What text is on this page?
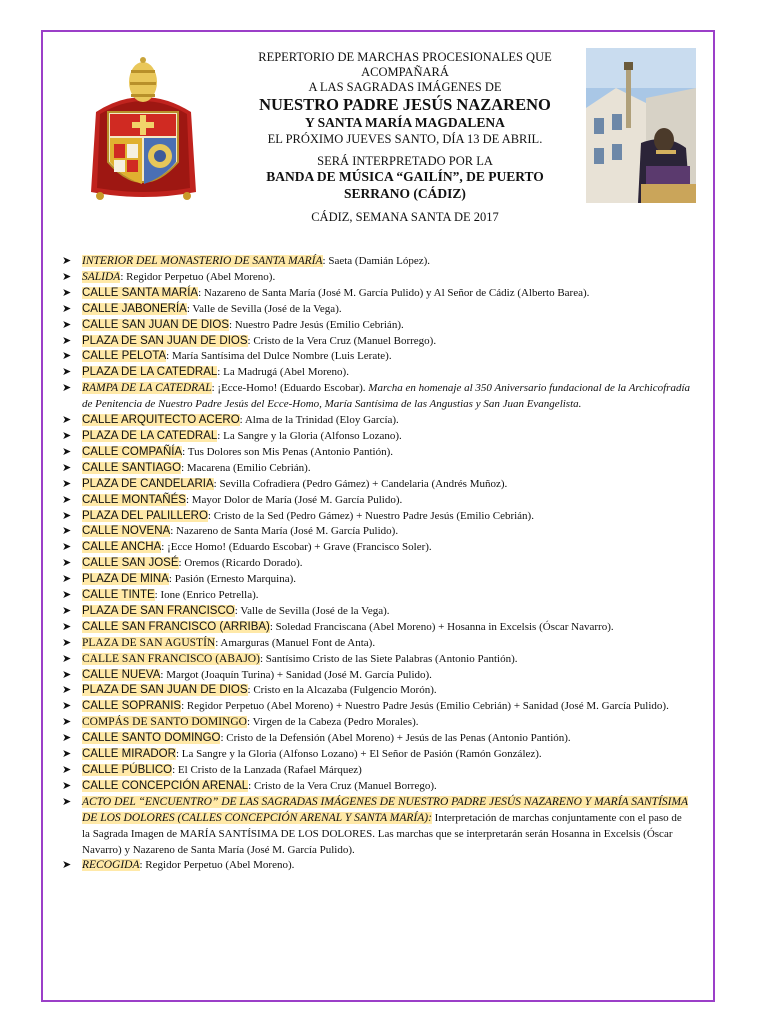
REPERTORIO DE MARCHAS PROCESIONALES QUE
ACOMPAÑARÁ
A LAS SAGRADAS IMÁGENES DE
NUESTRO PADRE JESÚS NAZARENO
Y SANTA MARÍA MAGDALENA
EL PRÓXIMO JUEVES SANTO, DÍA 13 DE ABRIL.
SERÁ INTERPRETADO POR LA
BANDA DE MÚSICA “GAILÍN”, DE PUERTO
SERRANO (CÁDIZ)
CÁDIZ, SEMANA SANTA DE 2017
➤ INTERIOR DEL MONASTERIO DE SANTA MARÍA: Saeta (Damián López).
➤ SALIDA: Regidor Perpetuo (Abel Moreno).
➤ CALLE SANTA MARÍA: Nazareno de Santa María (José M. García Pulido) y Al Señor de Cádiz (Alberto Barea).
➤ CALLE JABONERÍA: Valle de Sevilla (José de la Vega).
➤ CALLE SAN JUAN DE DIOS: Nuestro Padre Jesús (Emilio Cebrián).
➤ PLAZA DE SAN JUAN DE DIOS: Cristo de la Vera Cruz (Manuel Borrego).
➤ CALLE PELOTA: María Santísima del Dulce Nombre (Luis Lerate).
➤ PLAZA DE LA CATEDRAL: La Madrugá (Abel Moreno).
➤ RAMPA DE LA CATEDRAL: ¡Ecce-Homo! (Eduardo Escobar). Marcha en homenaje al 350 Aniversario fundacional de la Archicofradía de Penitencia de Nuestro Padre Jesús del Ecce-Homo, María Santísima de las Angustias y San Juan Evangelista.
➤ CALLE ARQUITECTO ACERO: Alma de la Trinidad (Eloy García).
➤ PLAZA DE LA CATEDRAL: La Sangre y la Gloria (Alfonso Lozano).
➤ CALLE COMPAÑÍA: Tus Dolores son Mis Penas (Antonio Pantión).
➤ CALLE SANTIAGO: Macarena (Emilio Cebrián).
➤ PLAZA DE CANDELARIA: Sevilla Cofradiera (Pedro Gámez) + Candelaria (Andrés Muñoz).
➤ CALLE MONTAÑÉS: Mayor Dolor de María (José M. García Pulido).
➤ PLAZA DEL PALILLERO: Cristo de la Sed (Pedro Gámez) + Nuestro Padre Jesús (Emilio Cebrián).
➤ CALLE NOVENA: Nazareno de Santa María (José M. García Pulido).
➤ CALLE ANCHA: ¡Ecce Homo! (Eduardo Escobar) + Grave (Francisco Soler).
➤ CALLE SAN JOSÉ: Oremos (Ricardo Dorado).
➤ PLAZA DE MINA: Pasión (Ernesto Marquina).
➤ CALLE TINTE: Ione (Enrico Petrella).
➤ PLAZA DE SAN FRANCISCO: Valle de Sevilla (José de la Vega).
➤ CALLE SAN FRANCISCO (ARRIBA): Soledad Franciscana (Abel Moreno) + Hosanna in Excelsis (Óscar Navarro).
➤ PLAZA DE SAN AGUSTÍN: Amarguras (Manuel Font de Anta).
➤ CALLE SAN FRANCISCO (ABAJO): Santísimo Cristo de las Siete Palabras (Antonio Pantión).
➤ CALLE NUEVA: Margot (Joaquín Turina) + Sanidad (José M. García Pulido).
➤ PLAZA DE SAN JUAN DE DIOS: Cristo en la Alcazaba (Fulgencio Morón).
➤ CALLE SOPRANIS: Regidor Perpetuo (Abel Moreno) + Nuestro Padre Jesús (Emilio Cebrián) + Sanidad (José M. García Pulido).
➤ COMPÁS DE SANTO DOMINGO: Virgen de la Cabeza (Pedro Morales).
➤ CALLE SANTO DOMINGO: Cristo de la Defensión (Abel Moreno) + Jesús de las Penas (Antonio Pantión).
➤ CALLE MIRADOR: La Sangre y la Gloria (Alfonso Lozano) + El Señor de Pasión (Ramón González).
➤ CALLE PÚBLICO: El Cristo de la Lanzada (Rafael Márquez)
➤ CALLE CONCEPCIÓN ARENAL: Cristo de la Vera Cruz (Manuel Borrego).
➤ ACTO DEL “ENCUENTRO” DE LAS SAGRADAS IMÁGENES DE NUESTRO PADRE JESÚS NAZARENO Y MARÍA SANTÍSIMA DE LOS DOLORES (CALLES CONCEPCIÓN ARENAL Y SANTA MARÍA): Interpretación de marchas conjuntamente con el paso de la Sagrada Imagen de MARÍA SANTÍSIMA DE LOS DOLORES. Las marchas que se interpretarán serán Hosanna in Excelsis (Óscar Navarro) y Nazareno de Santa María (José M. García Pulido).
➤ RECOGIDA: Regidor Perpetuo (Abel Moreno).
